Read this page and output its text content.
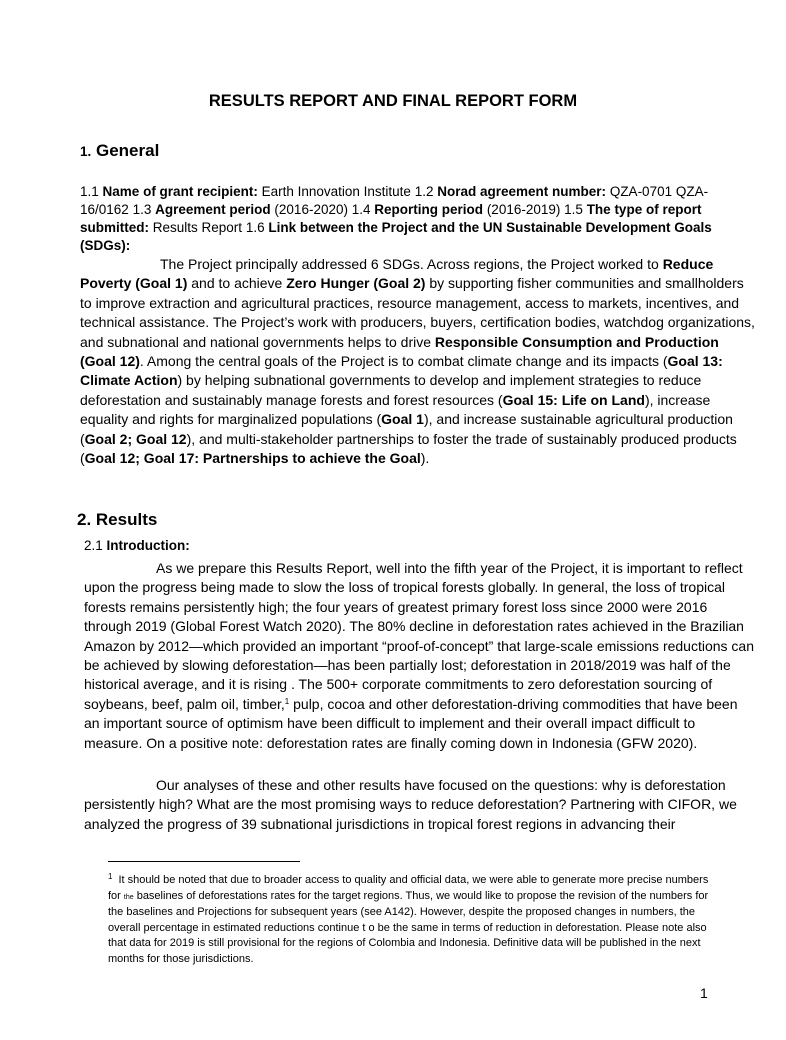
RESULTS REPORT AND FINAL REPORT FORM
1. General

1.1 Name of grant recipient: Earth Innovation Institute 1.2 Norad agreement number: QZA-0701 QZA-16/0162 1.3 Agreement period (2016-2020) 1.4 Reporting period (2016-2019) 1.5 The type of report submitted: Results Report 1.6 Link between the Project and the UN Sustainable Development Goals (SDGs):

The Project principally addressed 6 SDGs. Across regions, the Project worked to Reduce Poverty (Goal 1) and to achieve Zero Hunger (Goal 2) by supporting fisher communities and smallholders to improve extraction and agricultural practices, resource management, access to markets, incentives, and technical assistance. The Project’s work with producers, buyers, certification bodies, watchdog organizations, and subnational and national governments helps to drive Responsible Consumption and Production (Goal 12). Among the central goals of the Project is to combat climate change and its impacts (Goal 13: Climate Action) by helping subnational governments to develop and implement strategies to reduce deforestation and sustainably manage forests and forest resources (Goal 15: Life on Land), increase equality and rights for marginalized populations (Goal 1), and increase sustainable agricultural production (Goal 2; Goal 12), and multi-stakeholder partnerships to foster the trade of sustainably produced products (Goal 12; Goal 17: Partnerships to achieve the Goal).

2. Results

2.1 Introduction:

As we prepare this Results Report, well into the fifth year of the Project, it is important to reflect upon the progress being made to slow the loss of tropical forests globally. In general, the loss of tropical forests remains persistently high; the four years of greatest primary forest loss since 2000 were 2016 through 2019 (Global Forest Watch 2020). The 80% decline in deforestation rates achieved in the Brazilian Amazon by 2012—which provided an important “proof-of-concept” that large-scale emissions reductions can be achieved by slowing deforestation—has been partially lost; deforestation in 2018/2019 was half of the historical average, and it is rising . The 500+ corporate commitments to zero deforestation sourcing of soybeans, beef, palm oil, timber,$^1$ pulp, cocoa and other deforestation-driving commodities that have been an important source of optimism have been difficult to implement and their overall impact difficult to measure. On a positive note: deforestation rates are finally coming down in Indonesia (GFW 2020).

Our analyses of these and other results have focused on the questions: why is deforestation persistently high? What are the most promising ways to reduce deforestation? Partnering with CIFOR, we analyzed the progress of 39 subnational jurisdictions in tropical forest regions in advancing their

$^1$ It should be noted that due to broader access to quality and official data, we were able to generate more precise numbers for the baselines of deforestations rates for the target regions. Thus, we would like to propose the revision of the numbers for the baselines and Projections for subsequent years (see A142). However, despite the proposed changes in numbers, the overall percentage in estimated reductions continue t o be the same in terms of reduction in deforestation. Please note also that data for 2019 is still provisional for the regions of Colombia and Indonesia. Definitive data will be published in the next months for those jurisdictions.

1
